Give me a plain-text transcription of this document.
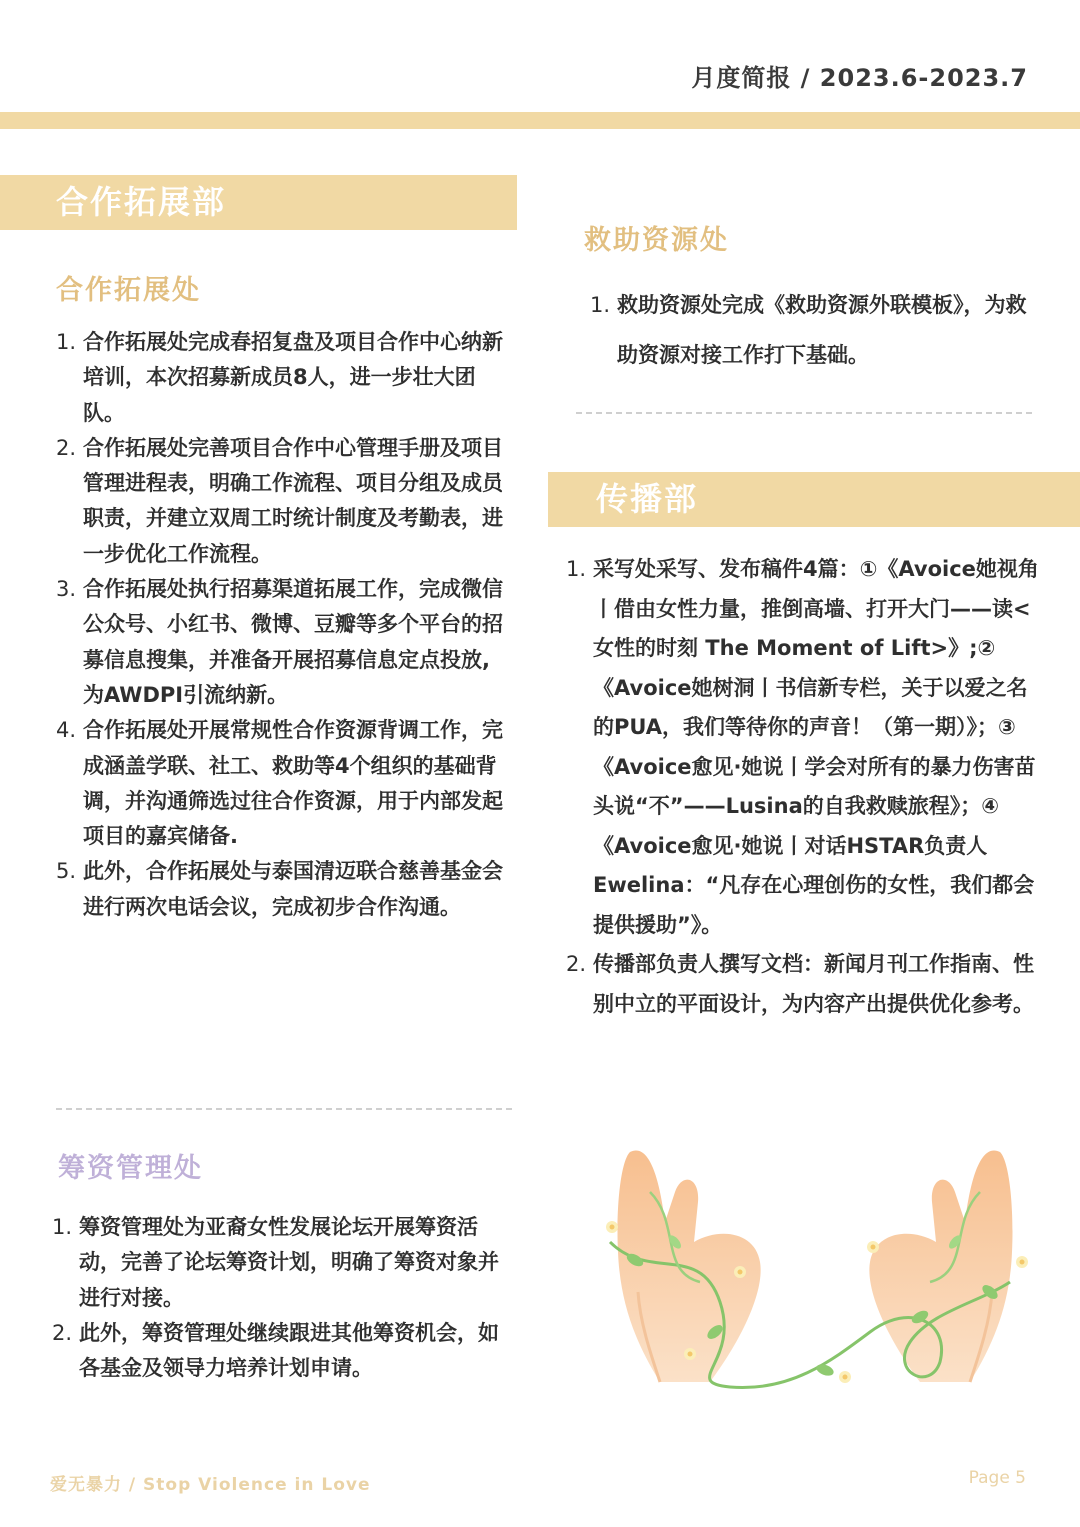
月度简报 / 2023.6-2023.7
合作拓展部
合作拓展处
1. 合作拓展处完成春招复盘及项目合作中心纳新培训，本次招募新成员8人，进一步壮大团队。
2. 合作拓展处完善项目合作中心管理手册及项目管理进程表，明确工作流程、项目分组及成员职责，并建立双周工时统计制度及考勤表，进一步优化工作流程。
3. 合作拓展处执行招募渠道拓展工作，完成微信公众号、小红书、微博、豆瓣等多个平台的招募信息搜集，并准备开展招募信息定点投放,为AWDPI引流纳新。
4. 合作拓展处开展常规性合作资源背调工作，完成涵盖学联、社工、救助等4个组织的基础背调，并沟通筛选过往合作资源，用于内部发起项目的嘉宾储备.
5. 此外，合作拓展处与泰国清迈联合慈善基金会进行两次电话会议，完成初步合作沟通。
筹资管理处
1. 筹资管理处为亚裔女性发展论坛开展筹资活动，完善了论坛筹资计划，明确了筹资对象并进行对接。
2. 此外，筹资管理处继续跟进其他筹资机会，如各基金及领导力培养计划申请。
救助资源处
1. 救助资源处完成《救助资源外联模板》，为救助资源对接工作打下基础。
传播部
1. 采写处采写、发布稿件4篇：①《Avoice她视角丨借由女性力量，推倒高墙、打开大门——读<女性的时刻 The Moment of Lift>》;②《Avoice她树洞丨书信新专栏，关于以爱之名的PUA，我们等待你的声音！（第一期）》；③《Avoice愈见·她说丨学会对所有的暴力伤害苗头说“不”——Lusina的自我救赎旅程》；④《Avoice愈见·她说丨对话HSTAR负责人Ewelina：“凡存在心理创伤的女性，我们都会提供援助”》。
2. 传播部负责人撰写文档：新闻月刊工作指南、性别中立的平面设计，为内容产出提供优化参考。
爱无暴力 / Stop Violence in Love	Page 5
